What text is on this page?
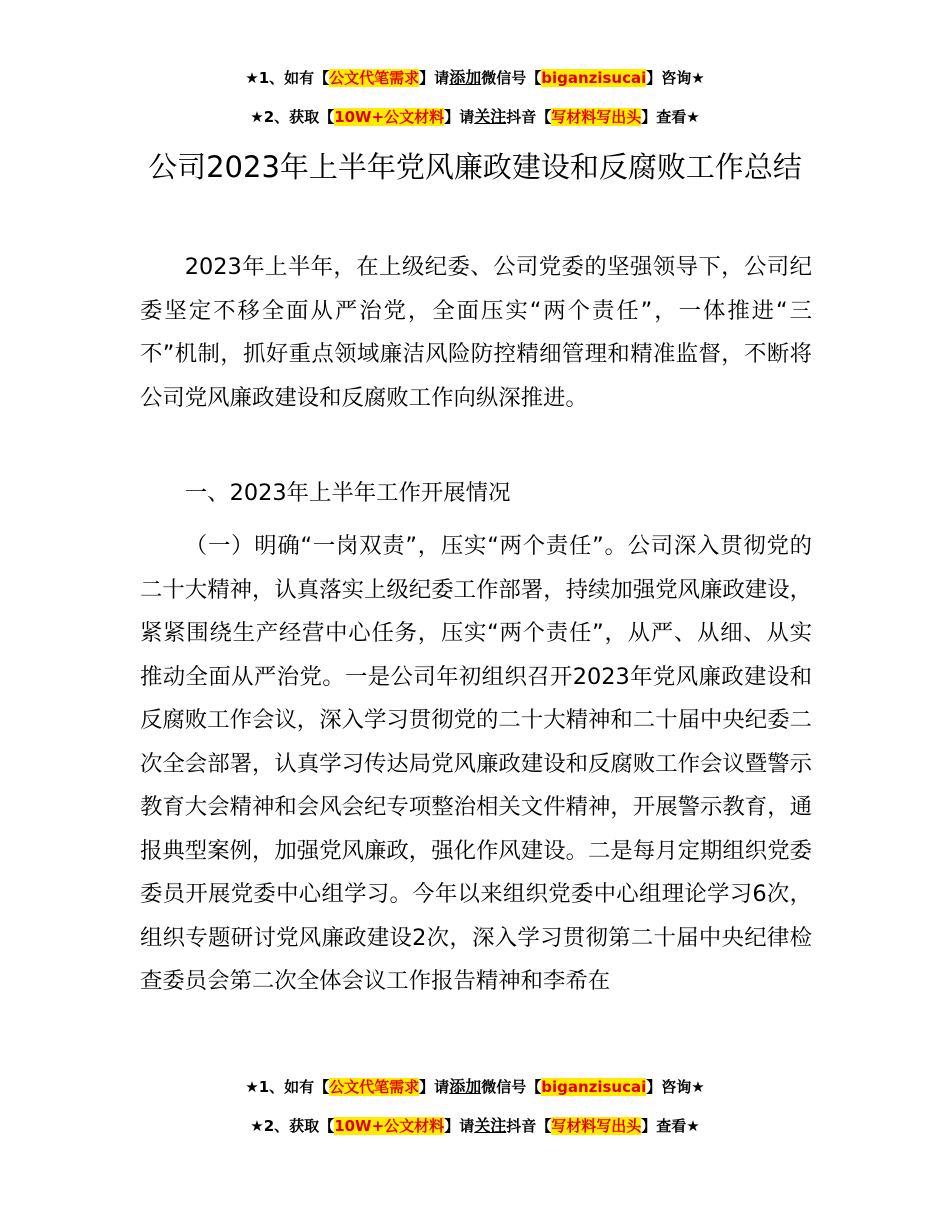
★1、如有【公文代笔需求】请添加微信号【biganzisucai】咨询★
★2、获取【10W+公文材料】请关注抖音【写材料写出头】查看★
公司2023年上半年党风廉政建设和反腐败工作总结

2023年上半年，在上级纪委、公司党委的坚强领导下，公司纪委坚定不移全面从严治党，全面压实“两个责任”，一体推进“三不”机制，抓好重点领域廉洁风险防控精细管理和精准监督，不断将公司党风廉政建设和反腐败工作向纵深推进。

一、2023年上半年工作开展情况

（一）明确“一岗双责”，压实“两个责任”。公司深入贯彻党的二十大精神，认真落实上级纪委工作部署，持续加强党风廉政建设，紧紧围绕生产经营中心任务，压实“两个责任”，从严、从细、从实推动全面从严治党。一是公司年初组织召开2023年党风廉政建设和反腐败工作会议，深入学习贯彻党的二十大精神和二十届中央纪委二次全会部署，认真学习传达局党风廉政建设和反腐败工作会议暨警示教育大会精神和会风会纪专项整治相关文件精神，开展警示教育，通报典型案例，加强党风廉政，强化作风建设。二是每月定期组织党委委员开展党委中心组学习。今年以来组织党委中心组理论学习6次，组织专题研讨党风廉政建设2次，深入学习贯彻第二十届中央纪律检查委员会第二次全体会议工作报告精神和李希在

★1、如有【公文代笔需求】请添加微信号【biganzisucai】咨询★
★2、获取【10W+公文材料】请关注抖音【写材料写出头】查看★
